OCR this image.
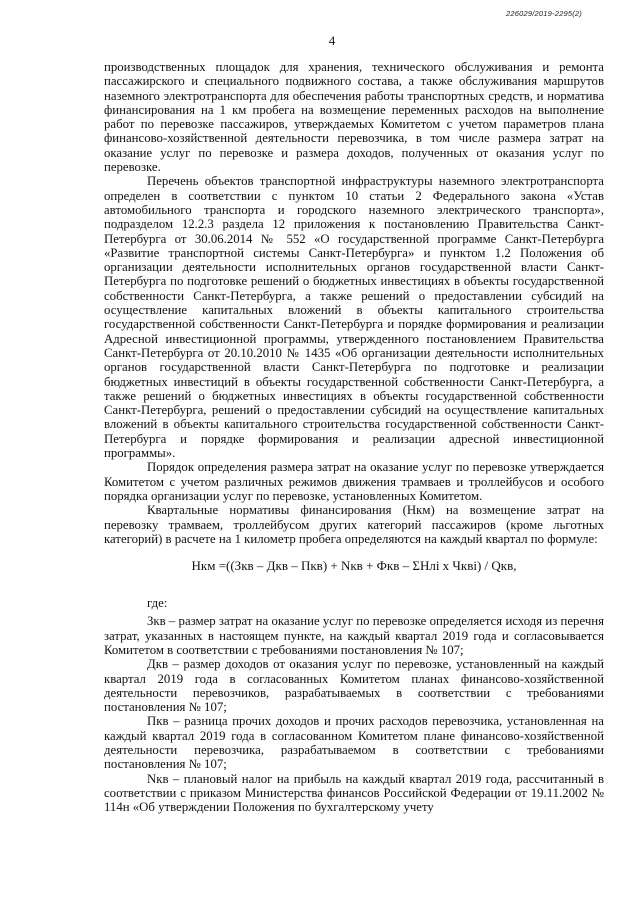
226029/2019-2295(2)
4

производственных площадок для хранения, технического обслуживания и ремонта пассажирского и специального подвижного состава, а также обслуживания маршрутов наземного электротранспорта для обеспечения работы транспортных средств, и норматива финансирования на 1 км пробега на возмещение переменных расходов на выполнение работ по перевозке пассажиров, утверждаемых Комитетом с учетом параметров плана финансово-хозяйственной деятельности перевозчика, в том числе размера затрат на оказание услуг по перевозке и размера доходов, полученных от оказания услуг по перевозке.

Перечень объектов транспортной инфраструктуры наземного электротранспорта определен в соответствии с пунктом 10 статьи 2 Федерального закона «Устав автомобильного транспорта и городского наземного электрического транспорта», подразделом 12.2.3 раздела 12 приложения к постановлению Правительства Санкт-Петербурга от 30.06.2014 № 552 «О государственной программе Санкт-Петербурга «Развитие транспортной системы Санкт-Петербурга» и пунктом 1.2 Положения об организации деятельности исполнительных органов государственной власти Санкт-Петербурга по подготовке решений о бюджетных инвестициях в объекты государственной собственности Санкт-Петербурга, а также решений о предоставлении субсидий на осуществление капитальных вложений в объекты капитального строительства государственной собственности Санкт-Петербурга и порядке формирования и реализации Адресной инвестиционной программы, утвержденного постановлением Правительства Санкт-Петербурга от 20.10.2010 № 1435 «Об организации деятельности исполнительных органов государственной власти Санкт-Петербурга по подготовке и реализации бюджетных инвестиций в объекты государственной собственности Санкт-Петербурга, а также решений о бюджетных инвестициях в объекты государственной собственности Санкт-Петербурга, решений о предоставлении субсидий на осуществление капитальных вложений в объекты капитального строительства государственной собственности Санкт-Петербурга и порядке формирования и реализации адресной инвестиционной программы».

Порядок определения размера затрат на оказание услуг по перевозке утверждается Комитетом с учетом различных режимов движения трамваев и троллейбусов и особого порядка организации услуг по перевозке, установленных Комитетом.

Квартальные нормативы финансирования (Нкм) на возмещение затрат на перевозку трамваем, троллейбусом других категорий пассажиров (кроме льготных категорий) в расчете на 1 километр пробега определяются на каждый квартал по формуле:

Нкм =((Зкв – Дкв – Пкв) + Nкв + Фкв – ΣНлі х Чкві) / Qкв,
где:

Зкв – размер затрат на оказание услуг по перевозке определяется исходя из перечня затрат, указанных в настоящем пункте, на каждый квартал 2019 года и согласовывается Комитетом в соответствии с требованиями постановления № 107;

Дкв – размер доходов от оказания услуг по перевозке, установленный на каждый квартал 2019 года в согласованных Комитетом планах финансово-хозяйственной деятельности перевозчиков, разрабатываемых в соответствии с требованиями постановления № 107;

Пкв – разница прочих доходов и прочих расходов перевозчика, установленная на каждый квартал 2019 года в согласованном Комитетом плане финансово-хозяйственной деятельности перевозчика, разрабатываемом в соответствии с требованиями постановления № 107;

Nкв – плановый налог на прибыль на каждый квартал 2019 года, рассчитанный в соответствии с приказом Министерства финансов Российской Федерации от 19.11.2002 № 114н «Об утверждении Положения по бухгалтерскому учету
